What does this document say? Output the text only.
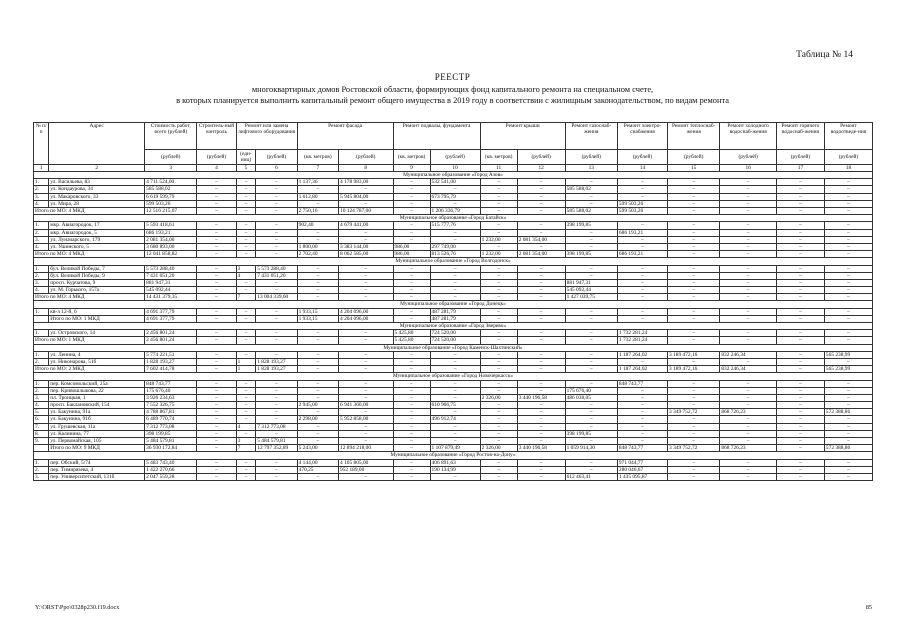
Таблица № 14
РЕЕСТР
многоквартирных домов Ростовской области, формирующих фонд капитального ремонта на специальном счете,
в которых планируется выполнить капитальный ремонт общего имущества в 2019 году в соответствии с жилищным законодательством, по видам ремонта
№ п/п	Адрес	Стоимость работ, всего (рублей)	Строитель-ный контроль	Ремонт или замена лифтового оборудования		Ремонт фасада		Ремонт подвалы, фундамента		Ремонт крыши		Ремонт газоснаб-жения	Ремонт электро-снабжения	Ремонт теплоснаб-жения	Ремонт холодного водоснаб-жения	Ремонт горячего водоснаб-жения	Ремонт водоотведе-ния
		(рублей)	(рублей)	(еди-ниц)	(рублей)	(кв. метров)	(рублей)	(кв. метров)	(рублей)	(кв. метров)	(рублей)	(рублей)	(рублей)	(рублей)	(рублей)	(рублей)	(рублей)
1	2	3	4	5	6	7	8	9	10	11	12	13	14	15	16	17	18
Муниципальное образование «Город Азов»																	
1.	ул. Васильева, 83	4 711 524,00	–	–	–	1 137,36	4 178 983,00	–	532 541,00	–	–	–	–	–	–	–	–
2.	ул. Кондаурова, 34	585 588,02	–	–	–	–	–	–	–	–	–	585 588,02	–	–	–	–	–
3.	ул. Макаровского, 33	6 619 599,79	–	–	–	1 612,80	5 945 804,00	–	673 795,79	–	–	–	–	–	–	–	–
4.	ул. Мира, 28	599 503,26	–	–	–	–	–	–	–	–	–	–	599 503,26	–	–	–	–
Итого по МО: 4 МКД		12 516 215,07	–	–	–	2 750,16	10 124 787,00	–	1 206 336,79	–	–	585 588,02	599 503,26	–	–	–	–
Муниципальное образование «Город Батайск»																	
1.	мкр. Авиагородок, 17	5 593 418,61	–	–	–	902,40	4 679 441,00	–	515 777,76	–	–	398 199,85	–	–	–	–	–
2.	мкр. Авиагородок, 5	686 193,21	–	–	–	–	–	–	–	–	–	–	686 193,21	–	–	–	–
3.	ул. Луначарского, 179	2 081 354,00	–	–	–	–	–	–	–	1 232,00	2 081 354,00	–	–	–	–	–	–
4.	ул. Ушинского, 5	3 680 893,00	–	–	–	1 800,00	3 383 144,00	986,00	297 749,00	–	–	–	–	–	–	–	–
Итого по МО: 4 МКД		12 041 858,82	–	–	–	2 702,40	8 062 585,00	986,00	813 526,76	1 232,00	2 081 354,00	398 199,85	686 193,21	–	–	–	–
Муниципальное образование «Город Волгодонск»																	
1.	бул. Великой Победы, 7	5 573 288,40	–	3	5 573 288,40	–	–	–	–	–	–	–	–	–	–	–	–
2.	бул. Великой Победы, 9	7 431 051,20	–	4	7 431 051,20	–	–	–	–	–	–	–	–	–	–	–	–
3.	просп. Курчатова, 9	881 947,31	–	–	–	–	–	–	–	–	–	881 947,31	–	–	–	–	–
4.	ул. М. Горького, 157а	545 092,44	–	–	–	–	–	–	–	–	–	545 092,44	–	–	–	–	–
Итого по МО: 4 МКД		14 431 379,35	–	7	13 004 339,60	–	–	–	–	–	–	1 427 039,75	–	–	–	–	–
Муниципальное образование «Город Донецк»																	
1.	кв-л 12-й, 6	4 691 377,79	–	–	–	1 933,15	4 204 096,00	–	487 281,79	–	–	–	–	–	–	–	–
	Итого по МО: 1 МКД	4 691 377,79	–	–	–	1 933,15	4 204 096,00	–	487 281,79	–	–	–	–	–	–	–	–
Муниципальное образование «Город Зверево»																	
1.	ул. Островского, 14	2 456 801,24	–	–	–	–	–	5 425,80	724 520,00	–	–	–	1 732 281,24	–	–	–	–
Итого по МО: 1 МКД		2 456 801,24	–	–	–	–	–	5 425,80	724 520,00	–	–	–	1 732 281,24	–	–	–	–
Муниципальное образование «Город Каменск-Шахтинский»																	
1.	ул. Ленина, 4	5 774 221,51	–	–	–	–	–	–	–	–	–	–	1 187 264,02	3 189 472,16	832 246,34	–	565 238,99
2.	ул. Никонарова, 51б	1 828 193,27	–	1	1 828 193,27	–	–	–	–	–	–	–	–	–	–	–	–
Итого по МО: 2 МКД		7 602 414,78	–	1	1 828 193,27	–	–	–	–	–	–	–	1 187 264,02	3 189 472,16	832 246,34	–	565 238,99
Муниципальное образование «Город Новочеркасск»																	
1.	пер. Комсомольский, 25а	848 743,77	–	–	–	–	–	–	–	–	–	–	848 743,77	–	–	–	–
2.	пер. Кривошлыкова, 22	175 676,40	–	–	–	–	–	–	–	–	–	175 676,40	–	–	–	–	–
3.	пл. Троицкая, 1	3 926 234,63	–	–	–	–	–	–	–	2 326,00	3 440 196,58	486 038,05	–	–	–	–	–
4.	просп. Баклановский, 154	7 552 326,75	–	–	–	2 945,00	6 941 360,00	–	610 966,75	–	–	–	–	–	–	–	–
5.	ул. Бакунина, 91а	4 788 867,81	–	–	–	–	–	–	–	–	–	–	–	3 349 752,72	868 726,23	–	572 388,86
6.	ул. Бакунина, 91б	6 489 770,74	–	–	–	2 298,00	5 952 858,00	–	496 912,74	–	–	–	–	–	–	–	–
7.	ул. Грушевская, 11а	7 312 773,08	–	4	7 312 773,08	–	–	–	–	–	–	–	–	–	–	–	–
8.	ул. Калинина, 77	398 199,85	–	–	–	–	–	–	–	–	–	398 199,85	–	–	–	–	–
9.	ул. Первомайская, 105	5 484 579,81	–	3	5 484 579,81	–	–	–	–	–	–	–	–	–	–	–	–
	Итого по МО: 9 МКД	36 930 172,84	–	7	12 797 352,89	5 243,00	12 894 218,00	–	1 107 879,49	2 326,00	3 440 196,58	1 059 914,30	848 743,77	3 349 752,72	868 726,23	–	572 388,86
Муниципальное образование «Город Ростов-на-Дону»																	
1.	пер. Обский, 5/74	5 483 743,40	–	–	–	4 144,00	4 105 805,00	–	406 891,63	–	–	–	971 044,77	–	–	–	–
2.	пер. Тимирязева, 4	1 422 270,66	–	–	–	470,25	952 189,00	–	190 134,99	–	–	–	280 046,67	–	–	–	–
3.	пер. Университетский, 131б	2 047 559,28	–	–	–	–	–	–	–	–	–	612 463,41	1 435 095,87	–	–	–	–
Y:\ORST\Ppo\0328p230.f19.docx	85
